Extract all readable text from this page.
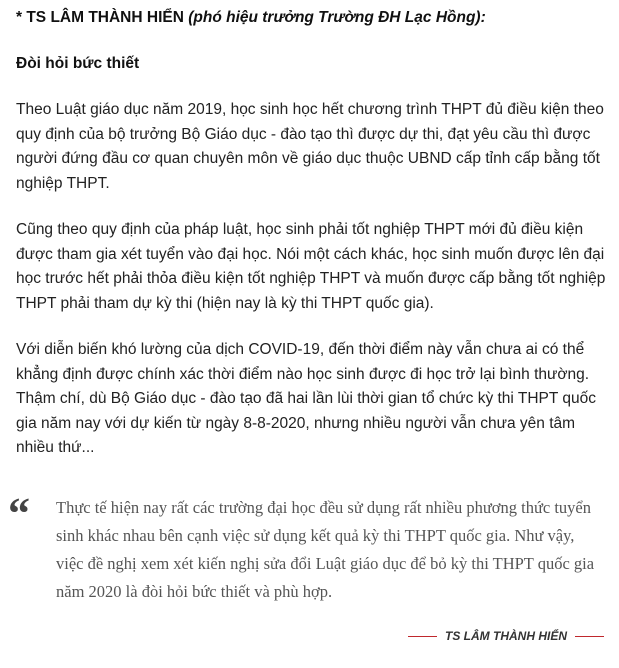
* TS LÂM THÀNH HIỂN (phó hiệu trưởng Trường ĐH Lạc Hồng):

Đòi hỏi bức thiết

Theo Luật giáo dục năm 2019, học sinh học hết chương trình THPT đủ điều kiện theo quy định của bộ trưởng Bộ Giáo dục - đào tạo thì được dự thi, đạt yêu cầu thì được người đứng đầu cơ quan chuyên môn về giáo dục thuộc UBND cấp tỉnh cấp bằng tốt nghiệp THPT.

Cũng theo quy định của pháp luật, học sinh phải tốt nghiệp THPT mới đủ điều kiện được tham gia xét tuyển vào đại học. Nói một cách khác, học sinh muốn được lên đại học trước hết phải thỏa điều kiện tốt nghiệp THPT và muốn được cấp bằng tốt nghiệp THPT phải tham dự kỳ thi (hiện nay là kỳ thi THPT quốc gia).

Với diễn biến khó lường của dịch COVID-19, đến thời điểm này vẫn chưa ai có thể khẳng định được chính xác thời điểm nào học sinh được đi học trở lại bình thường. Thậm chí, dù Bộ Giáo dục - đào tạo đã hai lần lùi thời gian tổ chức kỳ thi THPT quốc gia năm nay với dự kiến từ ngày 8-8-2020, nhưng nhiều người vẫn chưa yên tâm nhiều thứ...

“ Thực tế hiện nay rất các trường đại học đều sử dụng rất nhiều phương thức tuyển sinh khác nhau bên cạnh việc sử dụng kết quả kỳ thi THPT quốc gia. Như vậy, việc đề nghị xem xét kiến nghị sửa đổi Luật giáo dục để bỏ kỳ thi THPT quốc gia năm 2020 là đòi hỏi bức thiết và phù hợp.

TS LÂM THÀNH HIỂN
